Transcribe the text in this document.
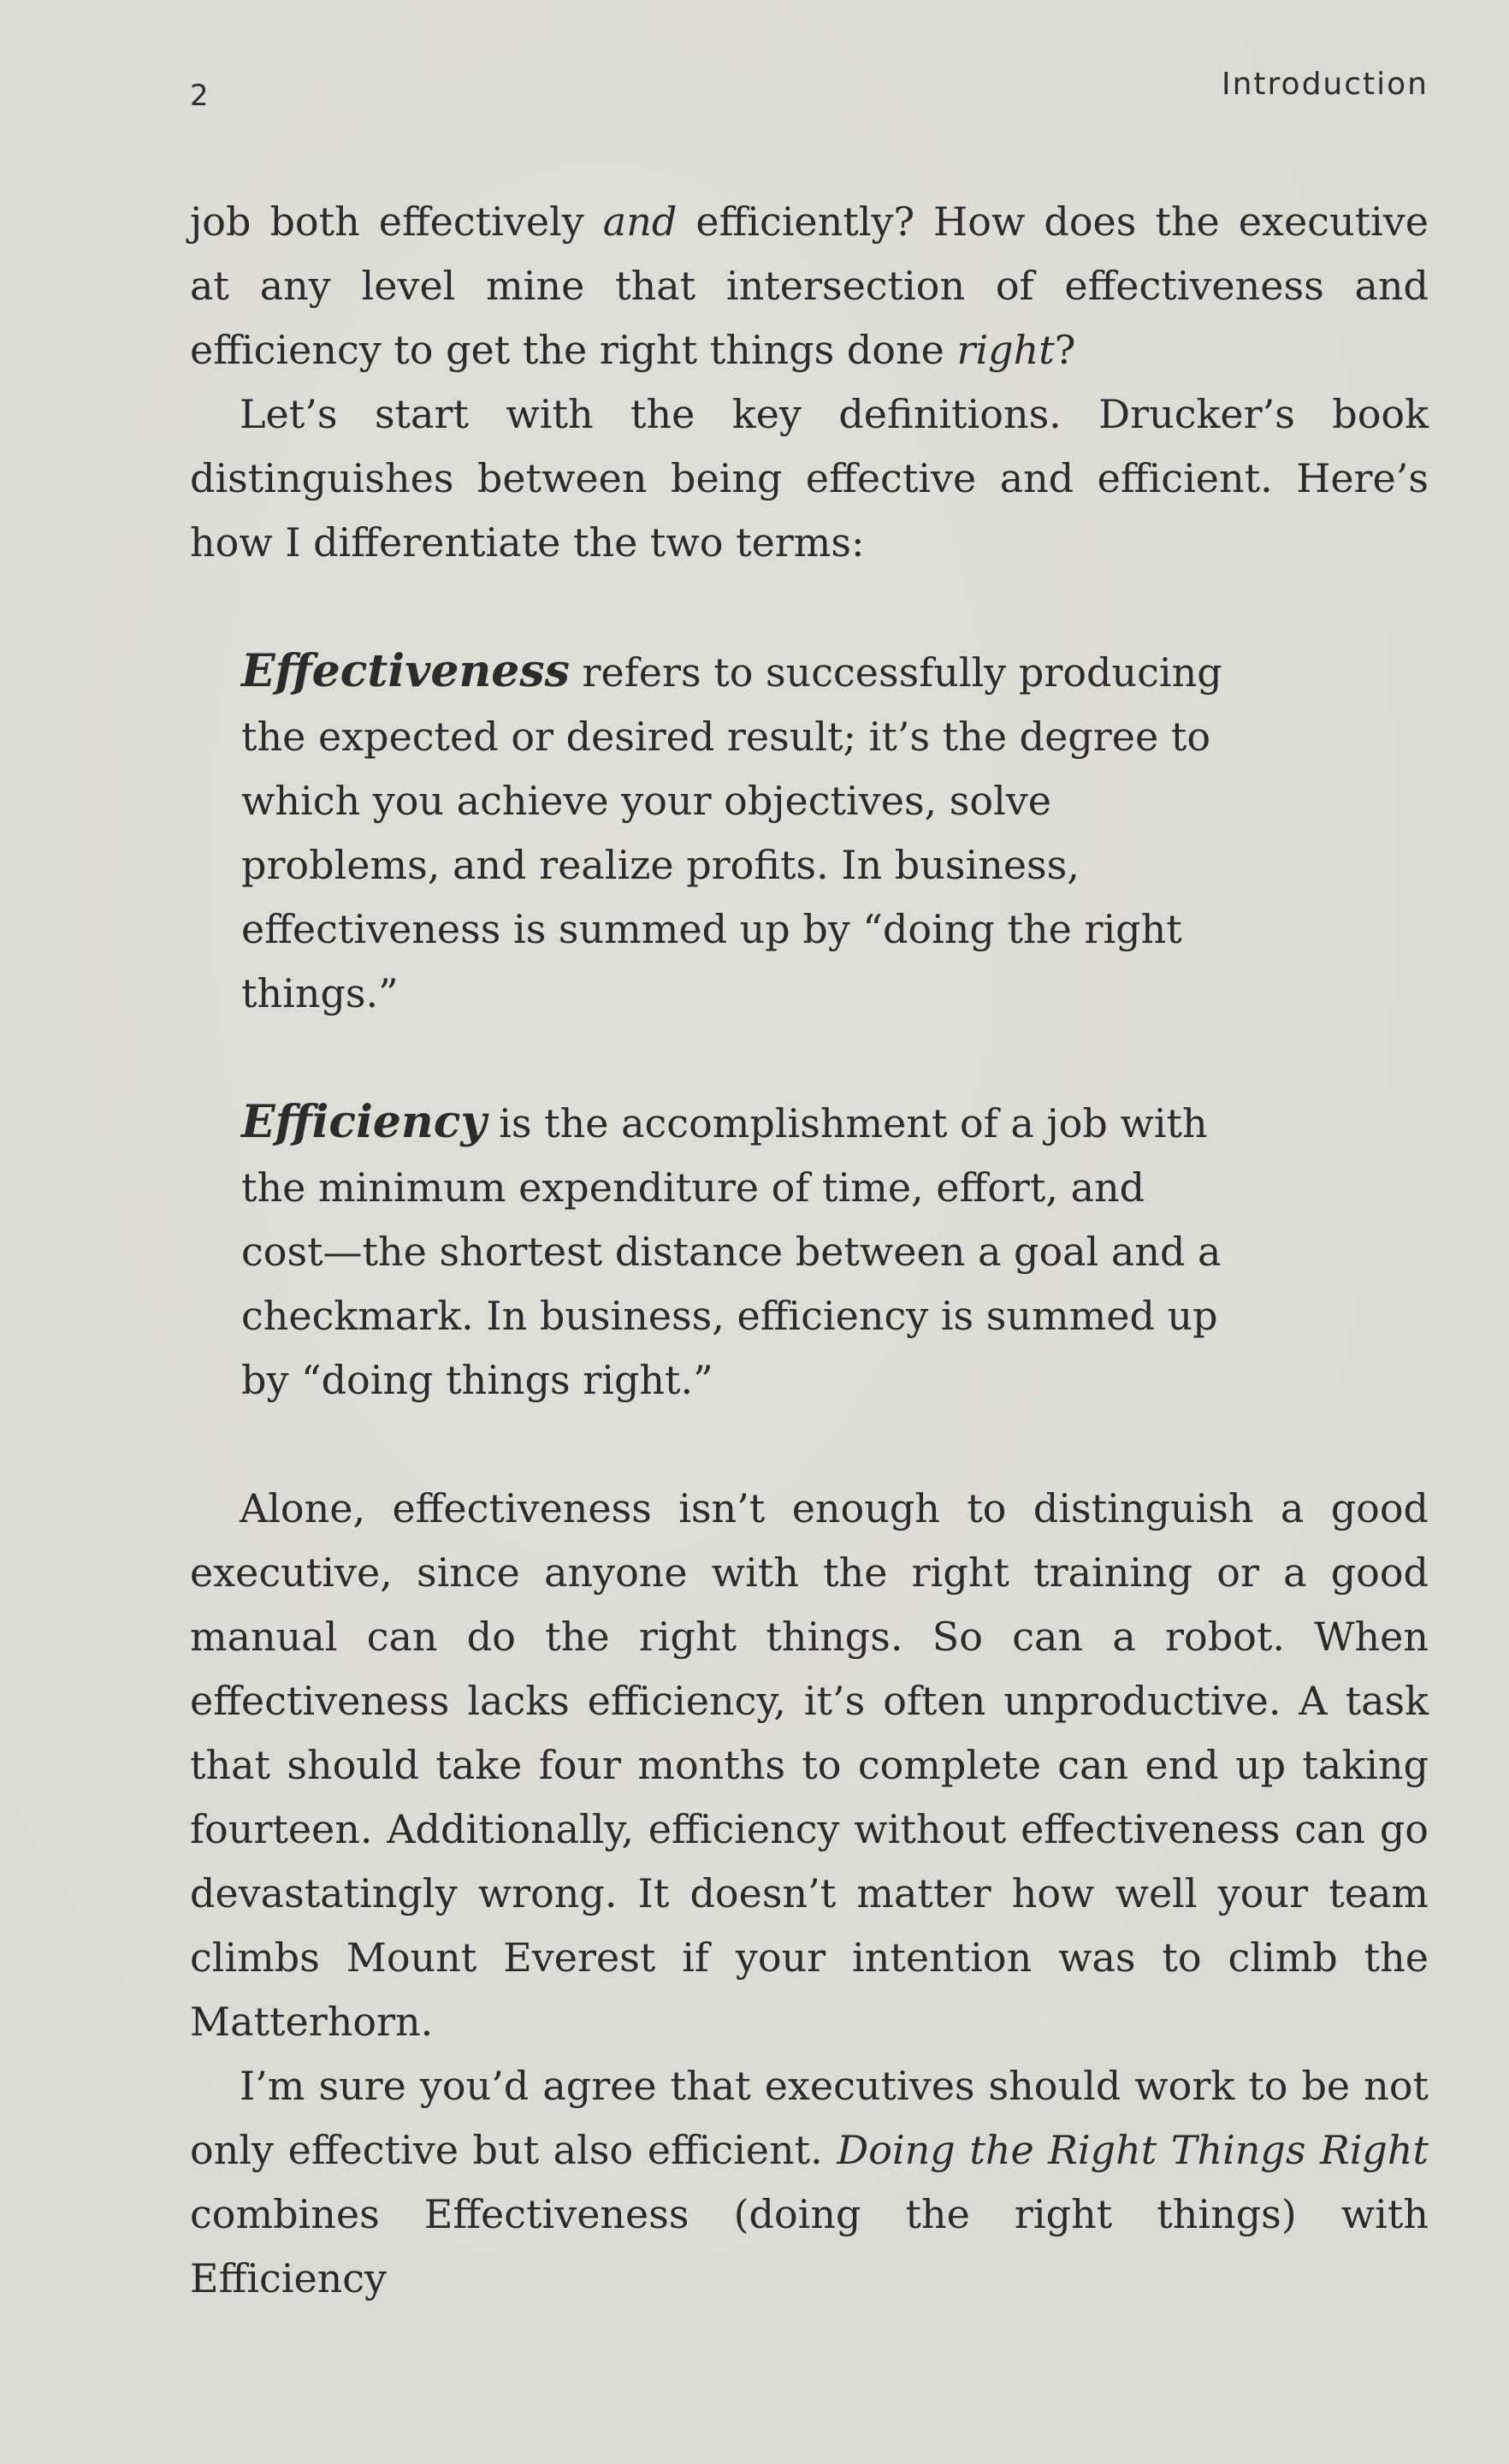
2	Introduction

job both effectively and efficiently? How does the executive at any level mine that intersection of effectiveness and efficiency to get the right things done right?

Let’s start with the key definitions. Drucker’s book distinguishes between being effective and efficient. Here’s how I differentiate the two terms:

Effectiveness refers to successfully producing the expected or desired result; it’s the degree to which you achieve your objectives, solve problems, and realize profits. In business, effectiveness is summed up by “doing the right things.”

Efficiency is the accomplishment of a job with the minimum expenditure of time, effort, and cost—the shortest distance between a goal and a checkmark. In business, efficiency is summed up by “doing things right.”

Alone, effectiveness isn’t enough to distinguish a good executive, since anyone with the right training or a good manual can do the right things. So can a robot. When effectiveness lacks efficiency, it’s often unproductive. A task that should take four months to complete can end up taking fourteen. Additionally, efficiency without effectiveness can go devastatingly wrong. It doesn’t matter how well your team climbs Mount Everest if your intention was to climb the Matterhorn.

I’m sure you’d agree that executives should work to be not only effective but also efficient. Doing the Right Things Right combines Effectiveness (doing the right things) with Efficiency
